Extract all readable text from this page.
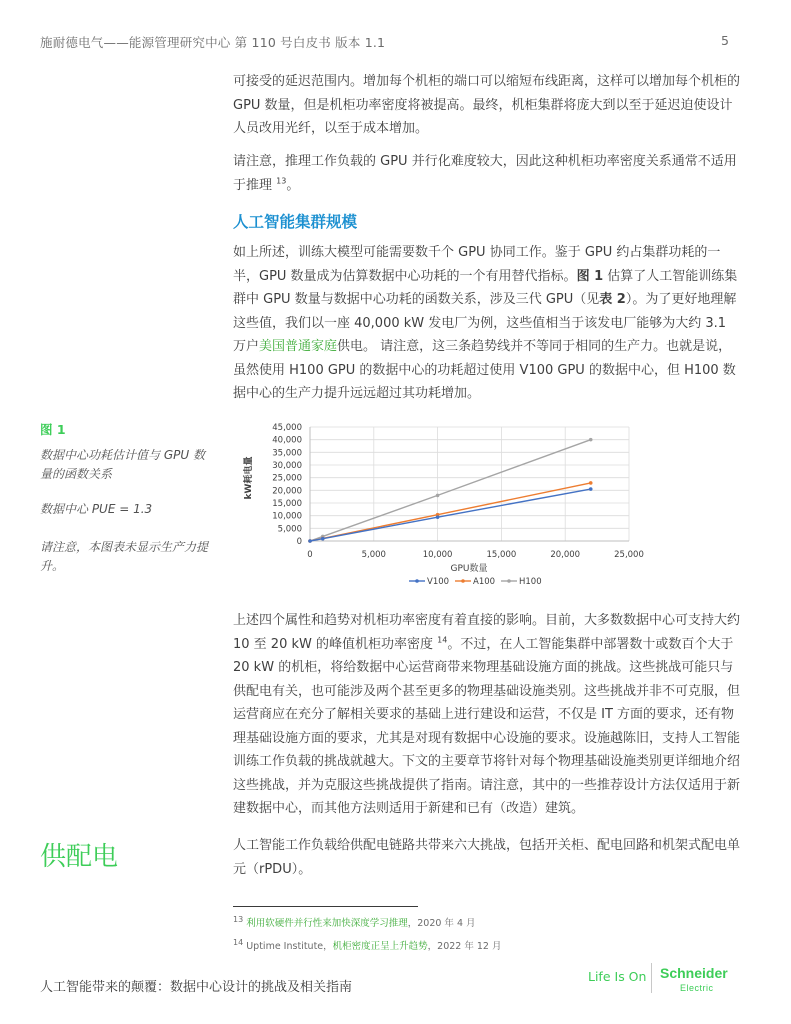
施耐德电气——能源管理研究中心 第 110 号白皮书 版本 1.1	5

可接受的延迟范围内。增加每个机柜的端口可以缩短布线距离，这样可以增加每个机柜的 GPU 数量，但是机柜功率密度将被提高。最终，机柜集群将庞大到以至于延迟迫使设计人员改用光纤，以至于成本增加。

请注意，推理工作负载的 GPU 并行化难度较大，因此这种机柜功率密度关系通常不适用于推理 $^{13}$。

人工智能集群规模

如上所述，训练大模型可能需要数千个 GPU 协同工作。鉴于 GPU 约占集群功耗的一半，GPU 数量成为估算数据中心功耗的一个有用替代指标。图 1 估算了人工智能训练集群中 GPU 数量与数据中心功耗的函数关系，涉及三代 GPU（见表 2）。为了更好地理解这些值，我们以一座 40,000 kW 发电厂为例，这些值相当于该发电厂能够为大约 3.1 万户美国普通家庭供电。 请注意，这三条趋势线并不等同于相同的生产力。也就是说，虽然使用 H100 GPU 的数据中心的功耗超过使用 V100 GPU 的数据中心，但 H100 数据中心的生产力提升远远超过其功耗增加。

图 1
数据中心功耗估计值与 GPU 数量的函数关系
数据中心 PUE = 1.3
请注意，本图表未显示生产力提升。
0
5,000
10,000
15,000
20,000
25,000
30,000
35,000
40,000
45,000
0	5,000	10,000	15,000	20,000	25,000
kW耗电量
GPU数量
V100	A100	H100

上述四个属性和趋势对机柜功率密度有着直接的影响。目前，大多数数据中心可支持大约 10 至 20 kW 的峰值机柜功率密度 $^{14}$。不过，在人工智能集群中部署数十或数百个大于 20 kW 的机柜，将给数据中心运营商带来物理基础设施方面的挑战。这些挑战可能只与供配电有关，也可能涉及两个甚至更多的物理基础设施类别。这些挑战并非不可克服，但运营商应在充分了解相关要求的基础上进行建设和运营，不仅是 IT 方面的要求，还有物理基础设施方面的要求，尤其是对现有数据中心设施的要求。设施越陈旧，支持人工智能训练工作负载的挑战就越大。下文的主要章节将针对每个物理基础设施类别更详细地介绍这些挑战，并为克服这些挑战提供了指南。请注意，其中的一些推荐设计方法仅适用于新建数据中心，而其他方法则适用于新建和已有（改造）建筑。

供配电	人工智能工作负载给供配电链路共带来六大挑战，包括开关柜、配电回路和机架式配电单元（rPDU）。

$^{13}$ 利用软硬件并行性来加快深度学习推理，2020 年 4 月
$^{14}$ Uptime Institute，机柜密度正呈上升趋势，2022 年 12 月
人工智能带来的颠覆：数据中心设计的挑战及相关指南
Life Is On Schneider
Electric
